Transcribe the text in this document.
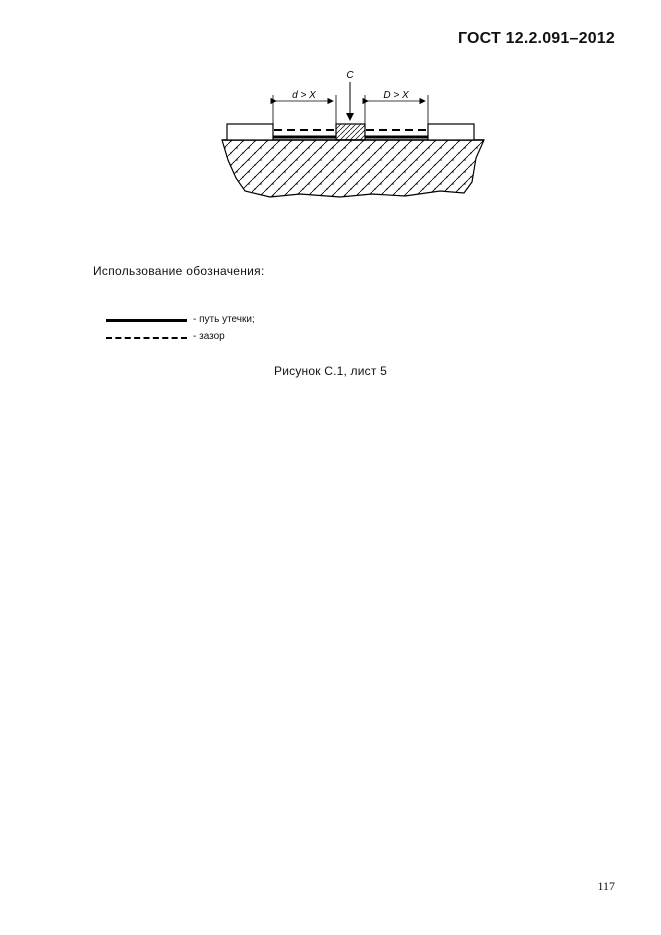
ГОСТ 12.2.091–2012
C
d > X	D > X
Использование обозначения:
- путь утечки;
- зазор
Рисунок С.1, лист 5
117
